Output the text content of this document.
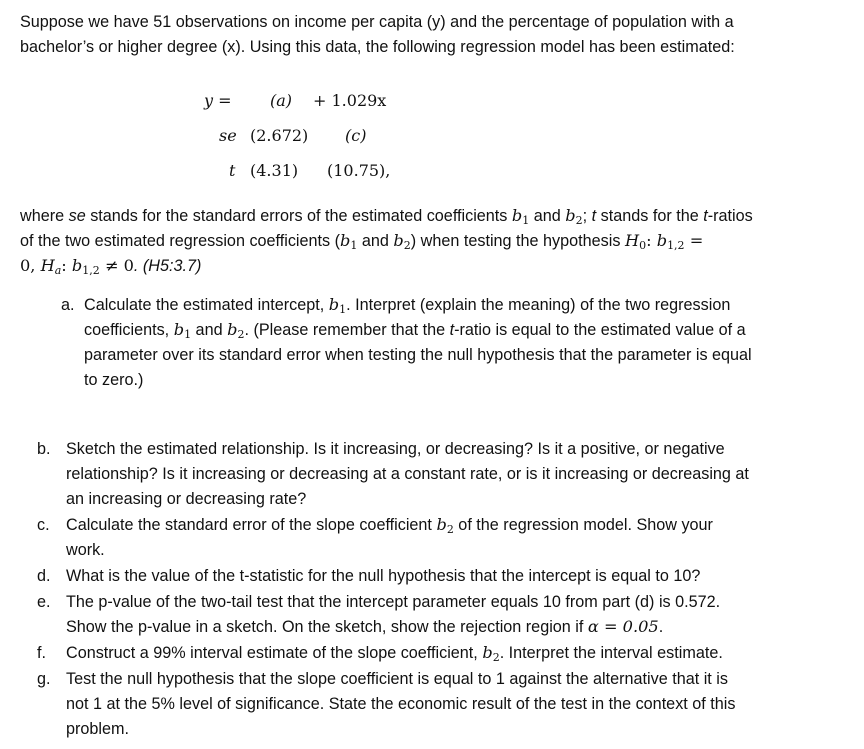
Suppose we have 51 observations on income per capita (y) and the percentage of population with a
bachelor’s or higher degree (x). Using this data, the following regression model has been estimated:
y = (a) + 1.029x
se (2.672) (c)
t (4.31) (10.75),
where se stands for the standard errors of the estimated coefficients $b_1$ and $b_2$; t stands for the t-ratios
of the two estimated regression coefficients ($b_1$ and $b_2$) when testing the hypothesis $H_0$: $b_{1,2}$ =
0, $H_a$: $b_{1,2} \ne 0$. (H5:3.7)
a. Calculate the estimated intercept, $b_1$. Interpret (explain the meaning) of the two regression
coefficients, $b_1$ and $b_2$. (Please remember that the t-ratio is equal to the estimated value of a
parameter over its standard error when testing the null hypothesis that the parameter is equal
to zero.)
b. Sketch the estimated relationship. Is it increasing, or decreasing? Is it a positive, or negative
relationship? Is it increasing or decreasing at a constant rate, or is it increasing or decreasing at
an increasing or decreasing rate?
c. Calculate the standard error of the slope coefficient $b_2$ of the regression model. Show your
work.
d. What is the value of the t-statistic for the null hypothesis that the intercept is equal to 10?
e. The p-value of the two-tail test that the intercept parameter equals 10 from part (d) is 0.572.
Show the p-value in a sketch. On the sketch, show the rejection region if α = 0.05.
f. Construct a 99% interval estimate of the slope coefficient, $b_2$. Interpret the interval estimate.
g. Test the null hypothesis that the slope coefficient is equal to 1 against the alternative that it is
not 1 at the 5% level of significance. State the economic result of the test in the context of this
problem.
